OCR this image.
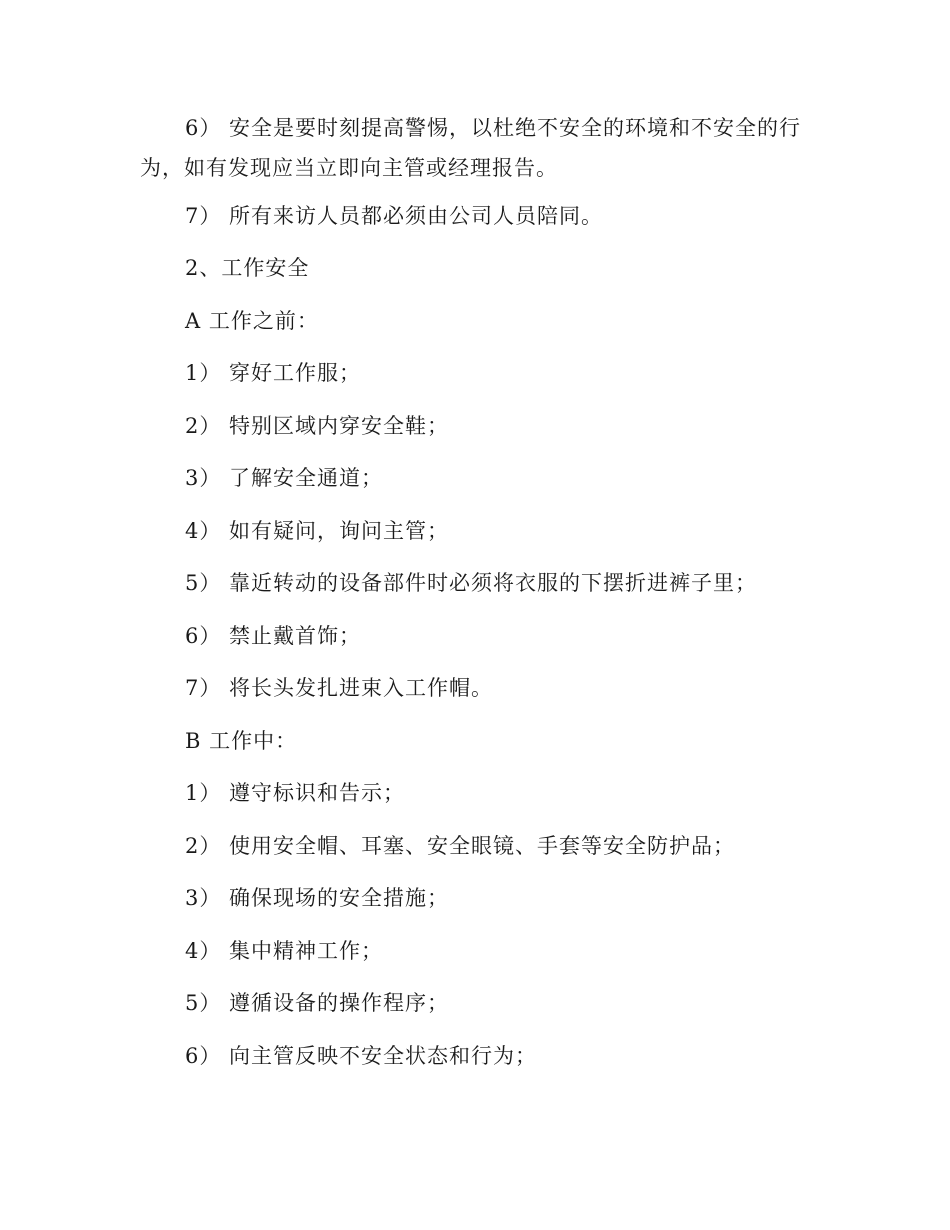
6） 安全是要时刻提高警惕，以杜绝不安全的环境和不安全的行
为，如有发现应当立即向主管或经理报告。
7） 所有来访人员都必须由公司人员陪同。
2、工作安全
A 工作之前：
1） 穿好工作服；
2） 特别区域内穿安全鞋；
3） 了解安全通道；
4） 如有疑问，询问主管；
5） 靠近转动的设备部件时必须将衣服的下摆折进裤子里；
6） 禁止戴首饰；
7） 将长头发扎进束入工作帽。
B 工作中：
1） 遵守标识和告示；
2） 使用安全帽、耳塞、安全眼镜、手套等安全防护品；
3） 确保现场的安全措施；
4） 集中精神工作；
5） 遵循设备的操作程序；
6） 向主管反映不安全状态和行为；
